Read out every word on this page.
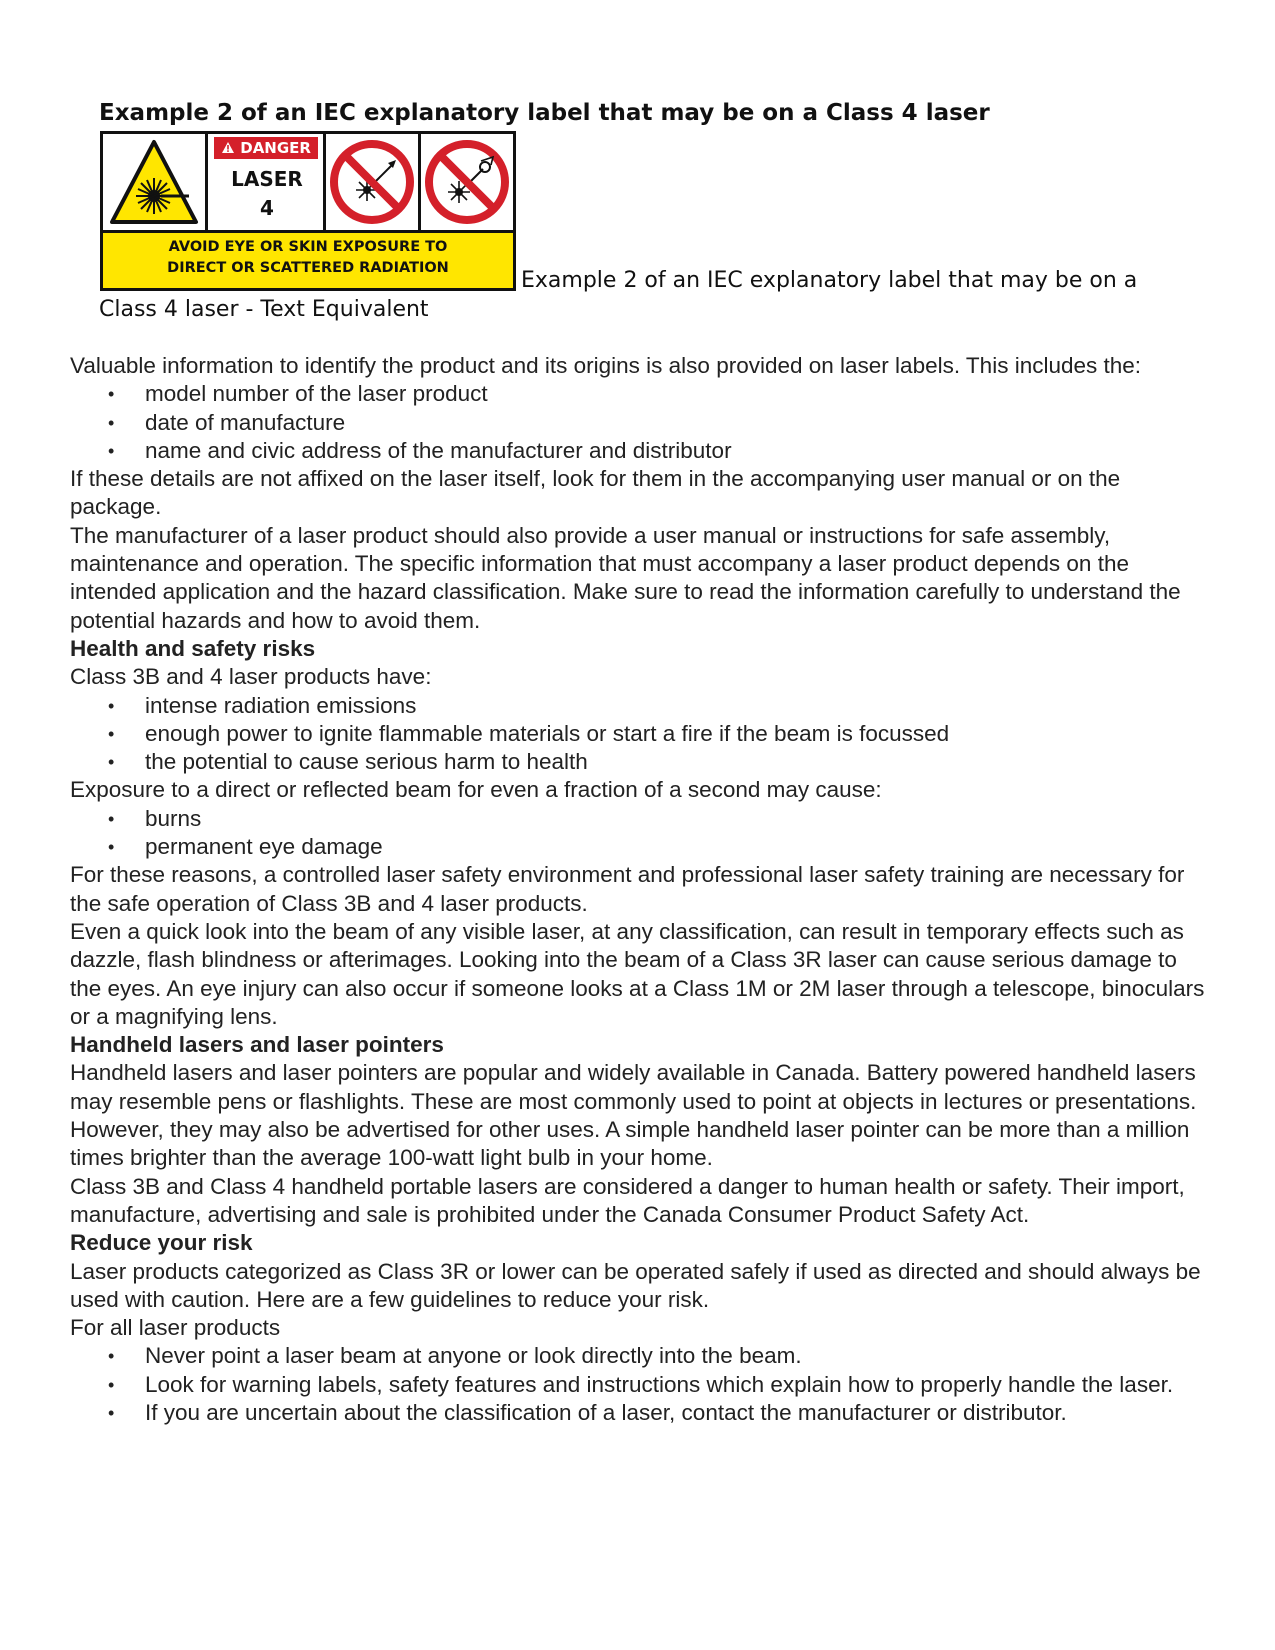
Example 2 of an IEC explanatory label that may be on a Class 4 laser
DANGER
LASER
4
AVOID EYE OR SKIN EXPOSURE TO
DIRECT OR SCATTERED RADIATION	Example 2 of an IEC explanatory label that may be on a
Class 4 laser - Text Equivalent

Valuable information to identify the product and its origins is also provided on laser labels. This includes the:

• model number of the laser product
• date of manufacture
• name and civic address of the manufacturer and distributor

If these details are not affixed on the laser itself, look for them in the accompanying user manual or on the package.

The manufacturer of a laser product should also provide a user manual or instructions for safe assembly, maintenance and operation. The specific information that must accompany a laser product depends on the intended application and the hazard classification. Make sure to read the information carefully to understand the potential hazards and how to avoid them.

Health and safety risks

Class 3B and 4 laser products have:

• intense radiation emissions
• enough power to ignite flammable materials or start a fire if the beam is focussed
• the potential to cause serious harm to health

Exposure to a direct or reflected beam for even a fraction of a second may cause:

• burns
• permanent eye damage

For these reasons, a controlled laser safety environment and professional laser safety training are necessary for the safe operation of Class 3B and 4 laser products.

Even a quick look into the beam of any visible laser, at any classification, can result in temporary effects such as dazzle, flash blindness or afterimages. Looking into the beam of a Class 3R laser can cause serious damage to the eyes. An eye injury can also occur if someone looks at a Class 1M or 2M laser through a telescope, binoculars or a magnifying lens.

Handheld lasers and laser pointers

Handheld lasers and laser pointers are popular and widely available in Canada. Battery powered handheld lasers may resemble pens or flashlights. These are most commonly used to point at objects in lectures or presentations. However, they may also be advertised for other uses. A simple handheld laser pointer can be more than a million times brighter than the average 100-watt light bulb in your home.

Class 3B and Class 4 handheld portable lasers are considered a danger to human health or safety. Their import, manufacture, advertising and sale is prohibited under the Canada Consumer Product Safety Act.

Reduce your risk

Laser products categorized as Class 3R or lower can be operated safely if used as directed and should always be used with caution. Here are a few guidelines to reduce your risk.

For all laser products

• Never point a laser beam at anyone or look directly into the beam.
• Look for warning labels, safety features and instructions which explain how to properly handle the laser.
• If you are uncertain about the classification of a laser, contact the manufacturer or distributor.
